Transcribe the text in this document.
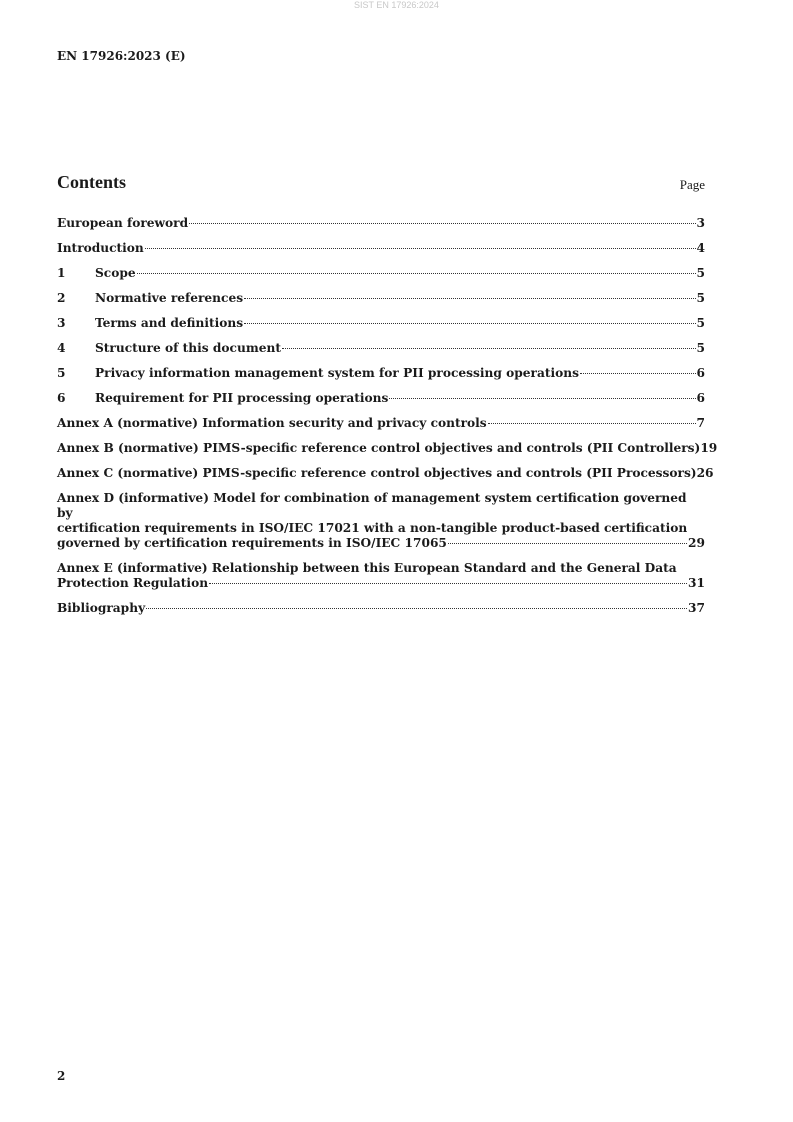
SIST EN 17926:2024
EN 17926:2023 (E)
Contents	Page
European foreword	3
Introduction	4
1	Scope	5
2	Normative references	5
3	Terms and definitions	5
4	Structure of this document	5
5	Privacy information management system for PII processing operations	6
6	Requirement for PII processing operations	6
Annex A (normative) Information security and privacy controls	7
Annex B (normative) PIMS-specific reference control objectives and controls (PII Controllers) 19
Annex C (normative) PIMS-specific reference control objectives and controls (PII Processors) 26
Annex D (informative) Model for combination of management system certification governed by
certification requirements in ISO/IEC 17021 with a non-tangible product-based certification
governed by certification requirements in ISO/IEC 17065	29
Annex E (informative) Relationship between this European Standard and the General Data
Protection Regulation	31
Bibliography	37
2
